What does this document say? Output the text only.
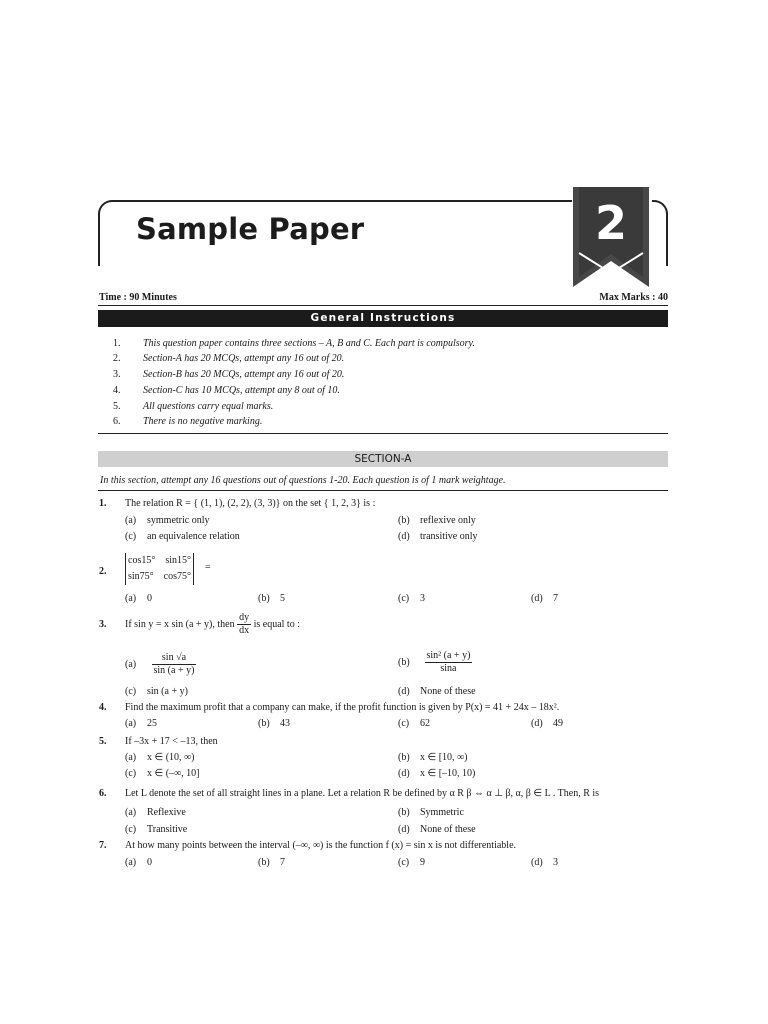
Sample Paper	2
Time : 90 Minutes	Max Marks : 40
General Instructions
1. This question paper contains three sections – A, B and C. Each part is compulsory.
2. Section-A has 20 MCQs, attempt any 16 out of 20.
3. Section-B has 20 MCQs, attempt any 16 out of 20.
4. Section-C has 10 MCQs, attempt any 8 out of 10.
5. All questions carry equal marks.
6. There is no negative marking.
SECTION-A
In this section, attempt any 16 questions out of questions 1-20. Each question is of 1 mark weightage.
1. The relation R = { (1, 1), (2, 2), (3, 3)} on the set { 1, 2, 3} is :
(a) symmetric only	(b) reflexive only
(c) an equivalence relation	(d) transitive only
2.
cos15° sin15°
sin75° cos75°
=
(a) 0	(b) 5	(c) 3	(d) 7
3. If sin y = x sin (a + y), then $\frac{dy}{dx}$ is equal to :
$(a) \frac{\sin √a}{\sin (a + y)}$	$(b) \frac{\text{sin² (a + y)}}{\sin a}$
(c) sin (a + y)	(d) None of these
4. Find the maximum profit that a company can make, if the profit function is given by P(x) = 41 + 24x – 18x².
(a) 25	(b) 43	(c) 62	(d) 49
5. If –3x + 17 < –13, then
(a) x ∈ (10, ∞)	(b) x ∈ [10, ∞)
(c) x ∈ (–∞, 10]	(d) x ∈ [–10, 10)
6. Let L denote the set of all straight lines in a plane. Let a relation R be defined by α R β ⇔ α ⊥ β, α, β ∈ L . Then, R is
(a) Reflexive	(b) Symmetric
(c) Transitive	(d) None of these
7. At how many points between the interval (–∞, ∞) is the function f (x) = sin x is not differentiable.
(a) 0	(b) 7	(c) 9	(d) 3
